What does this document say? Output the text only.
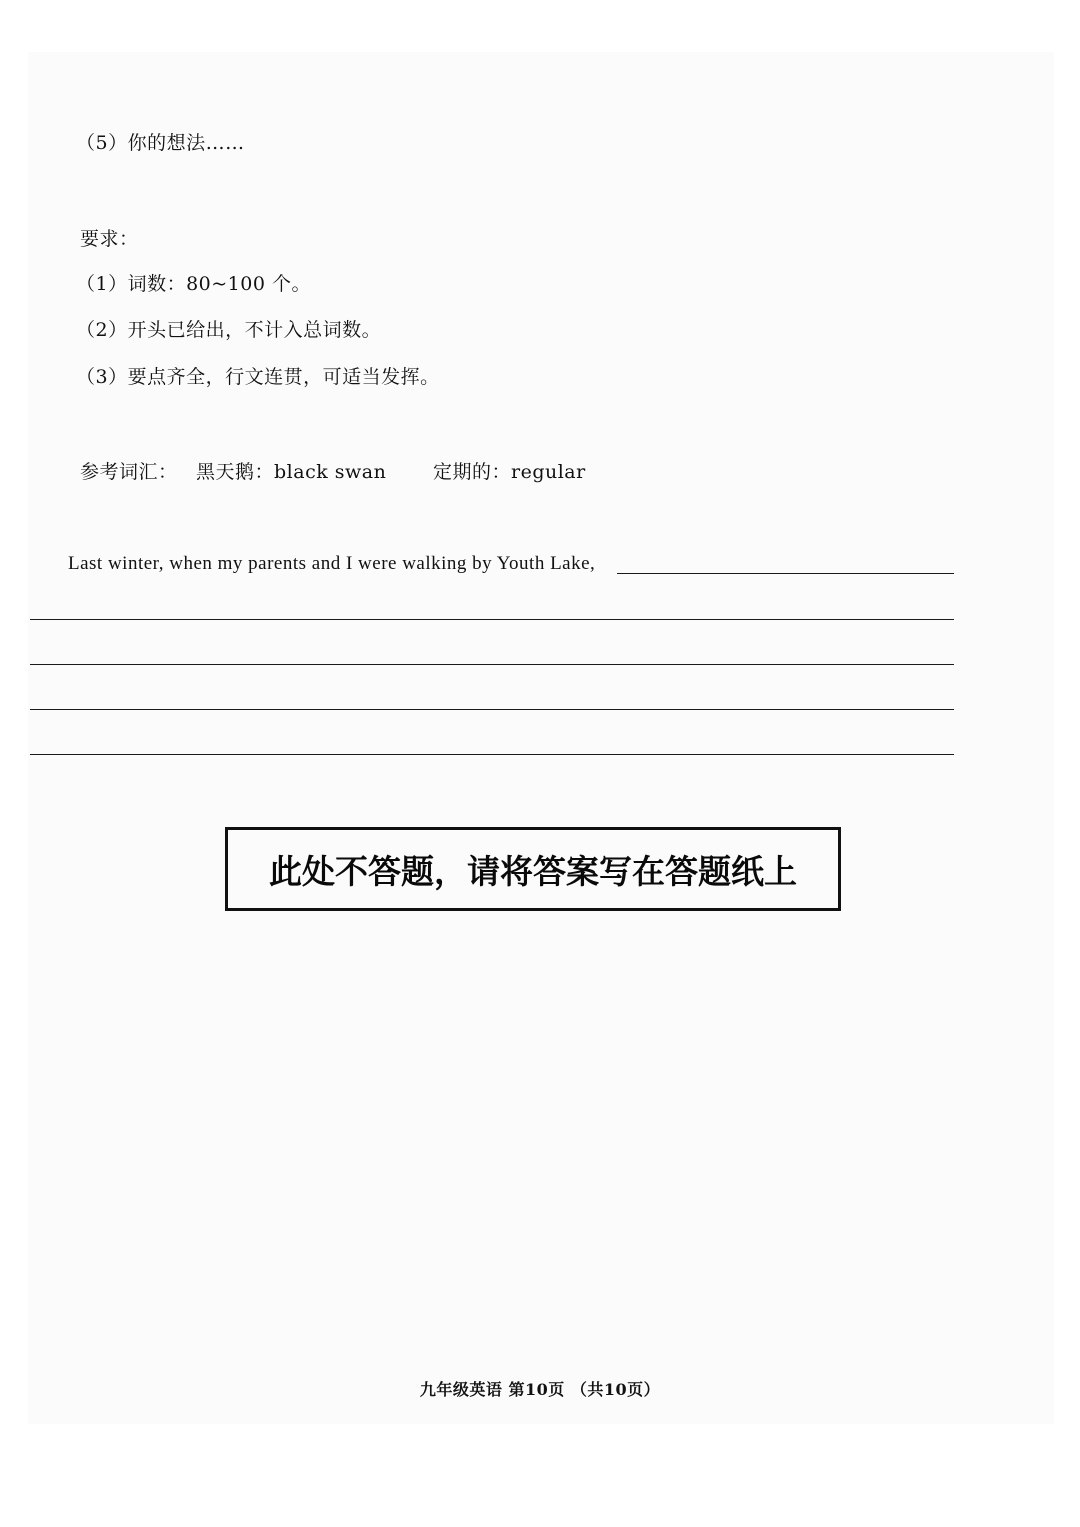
（5）你的想法……
要求：
（1）词数：80~100 个。
（2）开头已给出，不计入总词数。
（3）要点齐全，行文连贯，可适当发挥。
参考词汇： 黑天鹅：black swan 定期的：regular
Last winter, when my parents and I were walking by Youth Lake,
此处不答题，请将答案写在答题纸上
九年级英语 第10页 （共10页）
